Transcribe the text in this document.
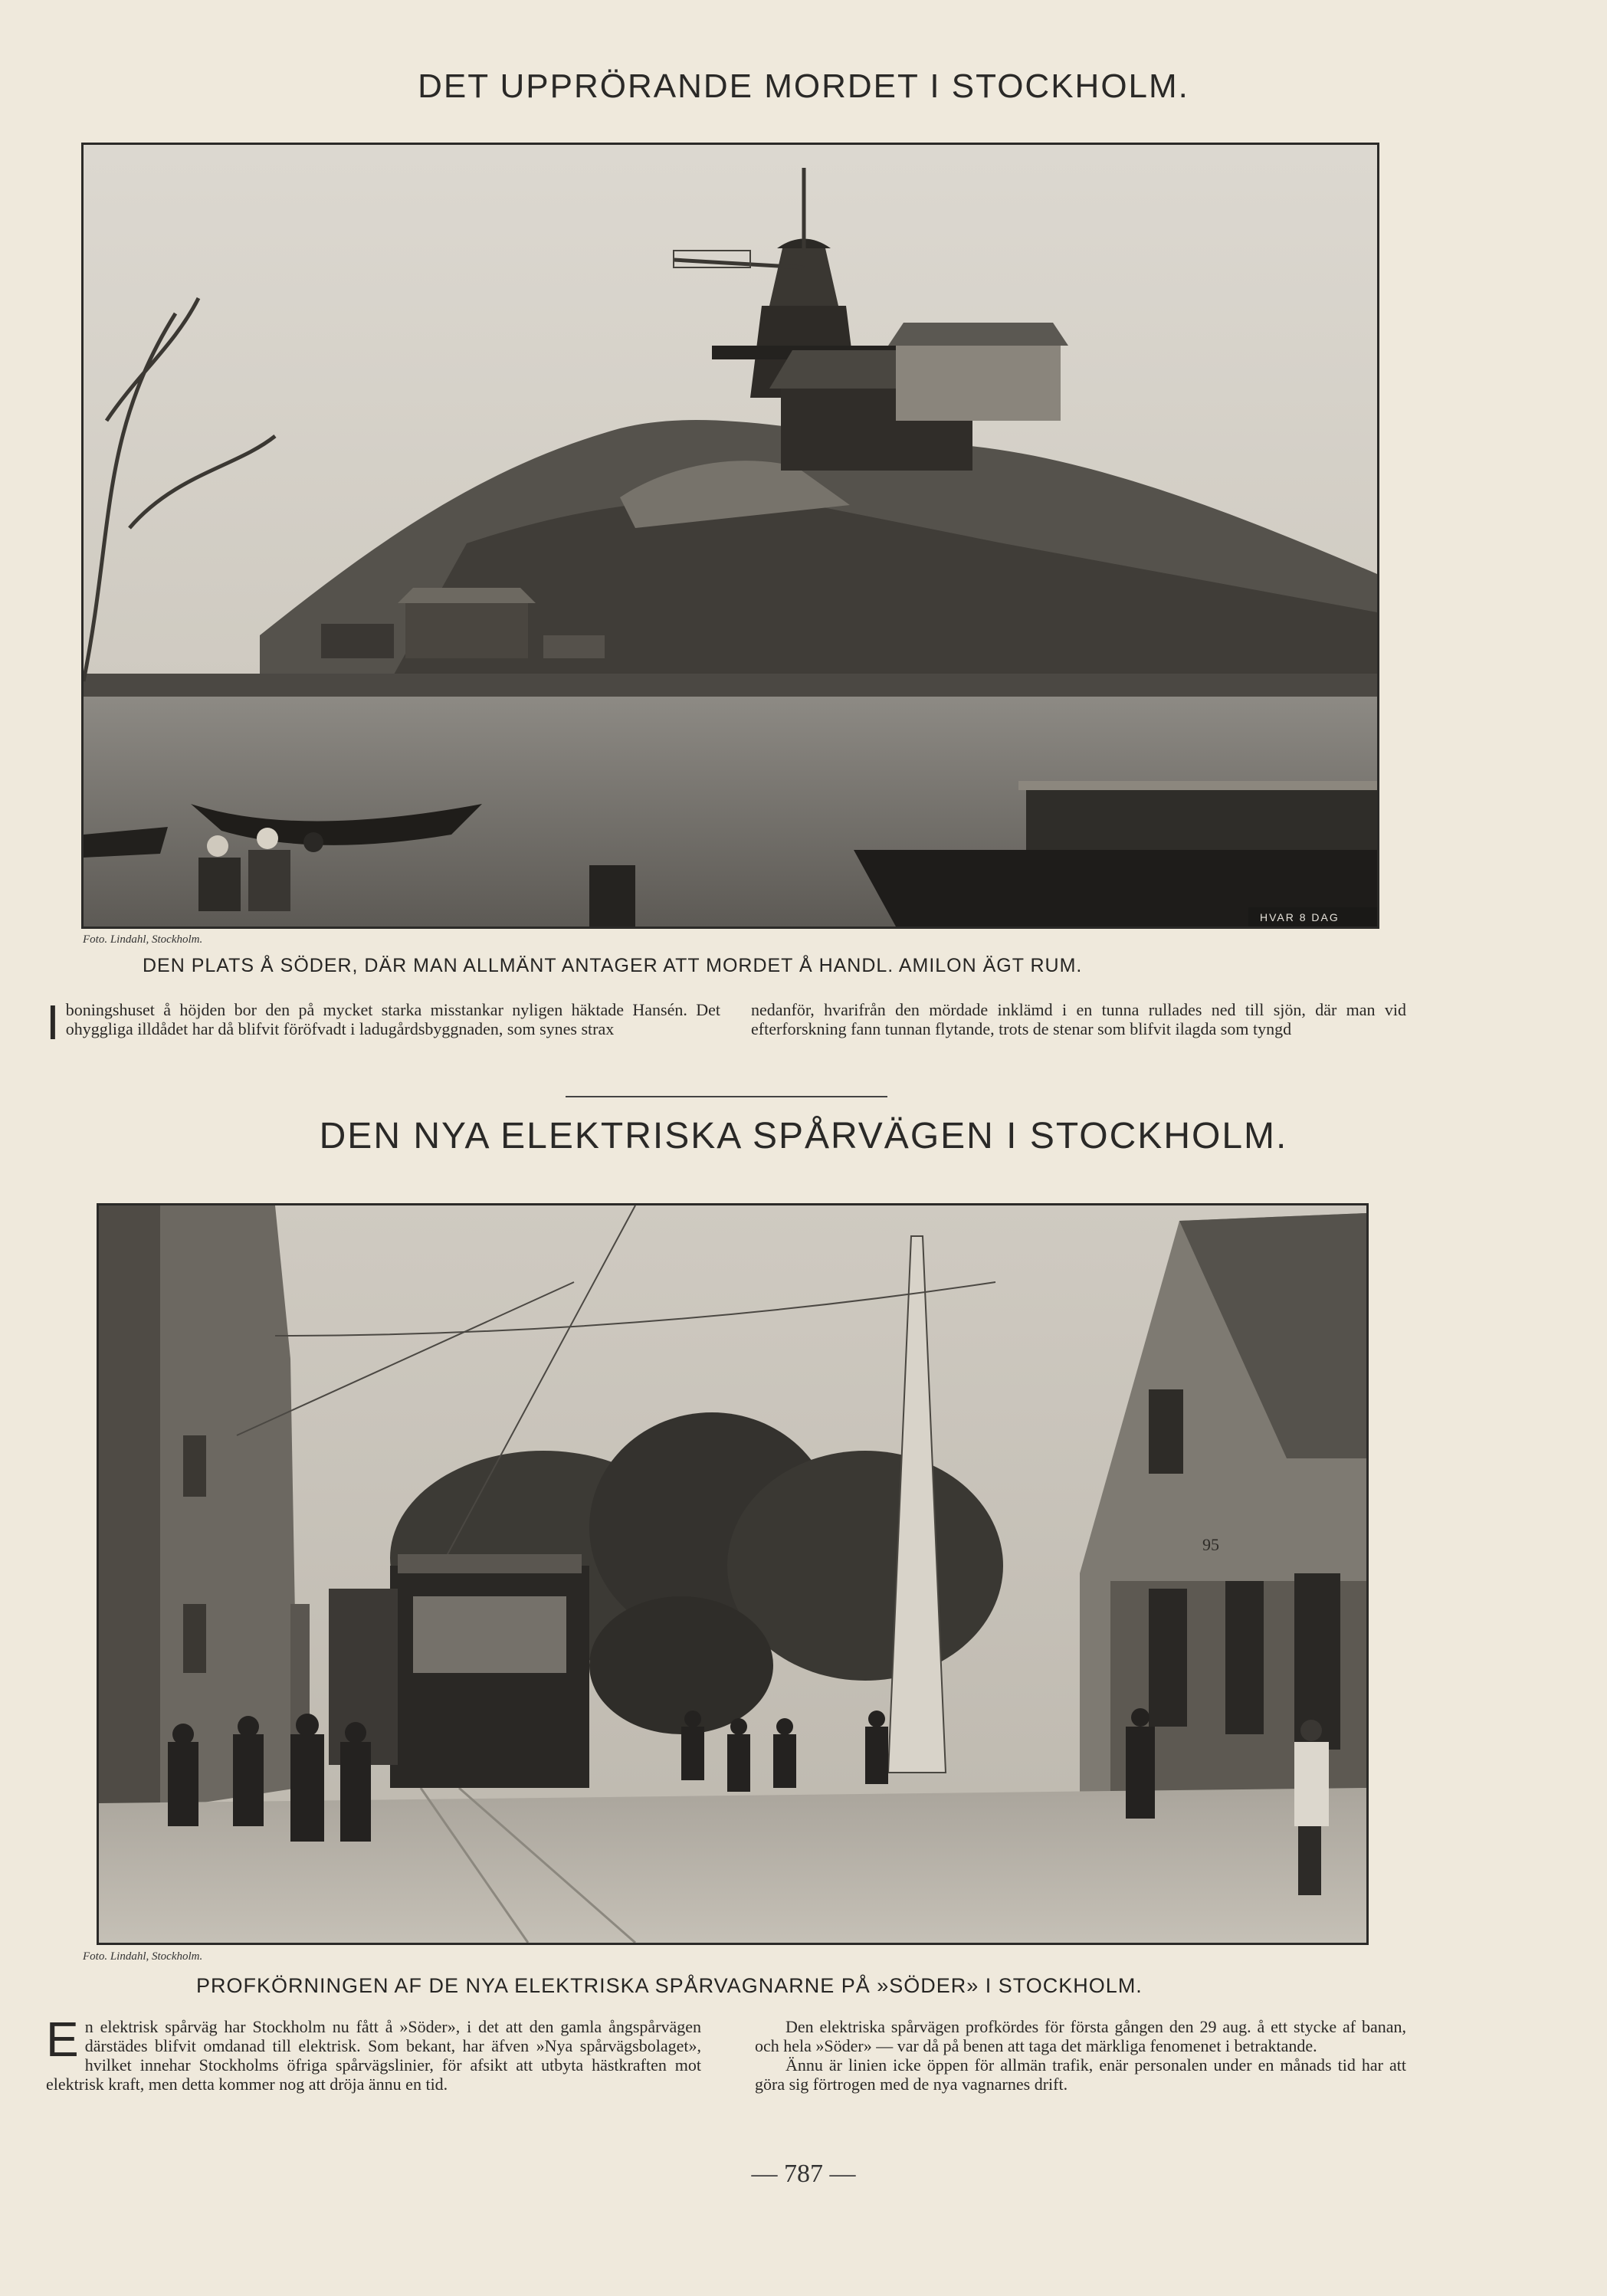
DET UPPRÖRANDE MORDET I STOCKHOLM.
HVAR 8 DAG
Foto. Lindahl, Stockholm.
DEN PLATS Å SÖDER, DÄR MAN ALLMÄNT ANTAGER ATT MORDET Å HANDL. AMILON ÄGT RUM.
I boningshuset å höjden bor den på mycket starka misstankar nyligen häktade Hansén. Det ohyggliga illdådet har då blifvit föröfvadt i ladugårdsbyggnaden, som synes strax
nedanför, hvarifrån den mördade inklämd i en tunna rullades ned till sjön, där man vid efterforskning fann tunnan flytande, trots de stenar som blifvit ilagda som tyngd
DEN NYA ELEKTRISKA SPÅRVÄGEN I STOCKHOLM.
95
Foto. Lindahl, Stockholm.
PROFKÖRNINGEN AF DE NYA ELEKTRISKA SPÅRVAGNARNE PÅ »SÖDER» I STOCKHOLM.
E n elektrisk spårväg har Stockholm nu fått å »Söder», i det att den gamla ångspårvägen därstädes blifvit omdanad till elektrisk. Som bekant, har äfven »Nya spårvägsbolaget», hvilket innehar Stockholms öfriga spårvägslinier, för afsikt att utbyta hästkraften mot elektrisk kraft, men detta kommer nog att dröja ännu en tid.
Den elektriska spårvägen profkördes för första gången den 29 aug. å ett stycke af banan, och hela »Söder» — var då på benen att taga det märkliga fenomenet i betraktande.
Ännu är linien icke öppen för allmän trafik, enär personalen under en månads tid har att göra sig förtrogen med de nya vagnarnes drift.
— 787 —
